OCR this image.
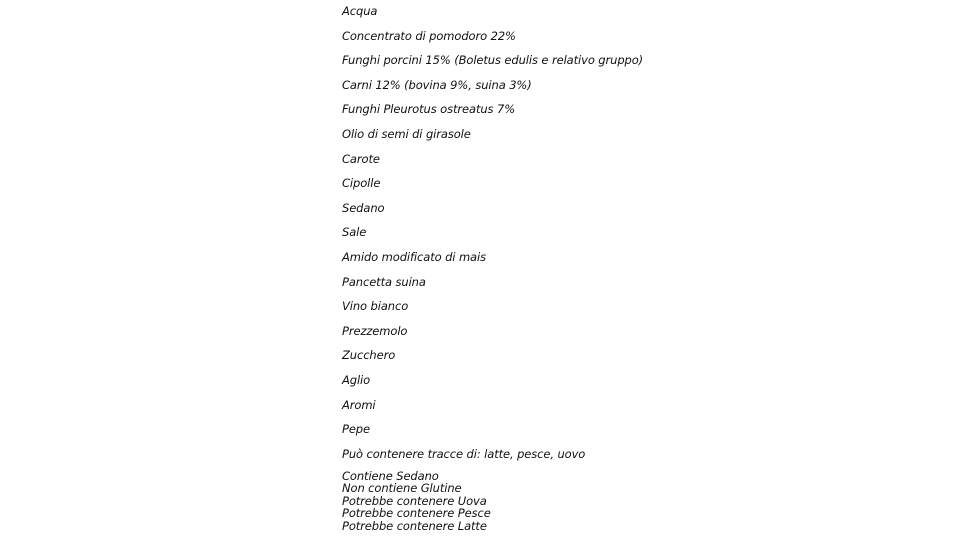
Acqua
Concentrato di pomodoro 22%
Funghi porcini 15% (Boletus edulis e relativo gruppo)
Carni 12% (bovina 9%, suina 3%)
Funghi Pleurotus ostreatus 7%
Olio di semi di girasole
Carote
Cipolle
Sedano
Sale
Amido modificato di mais
Pancetta suina
Vino bianco
Prezzemolo
Zucchero
Aglio
Aromi
Pepe
Può contenere tracce di: latte, pesce, uovo
Contiene Sedano
Non contiene Glutine
Potrebbe contenere Uova
Potrebbe contenere Pesce
Potrebbe contenere Latte
